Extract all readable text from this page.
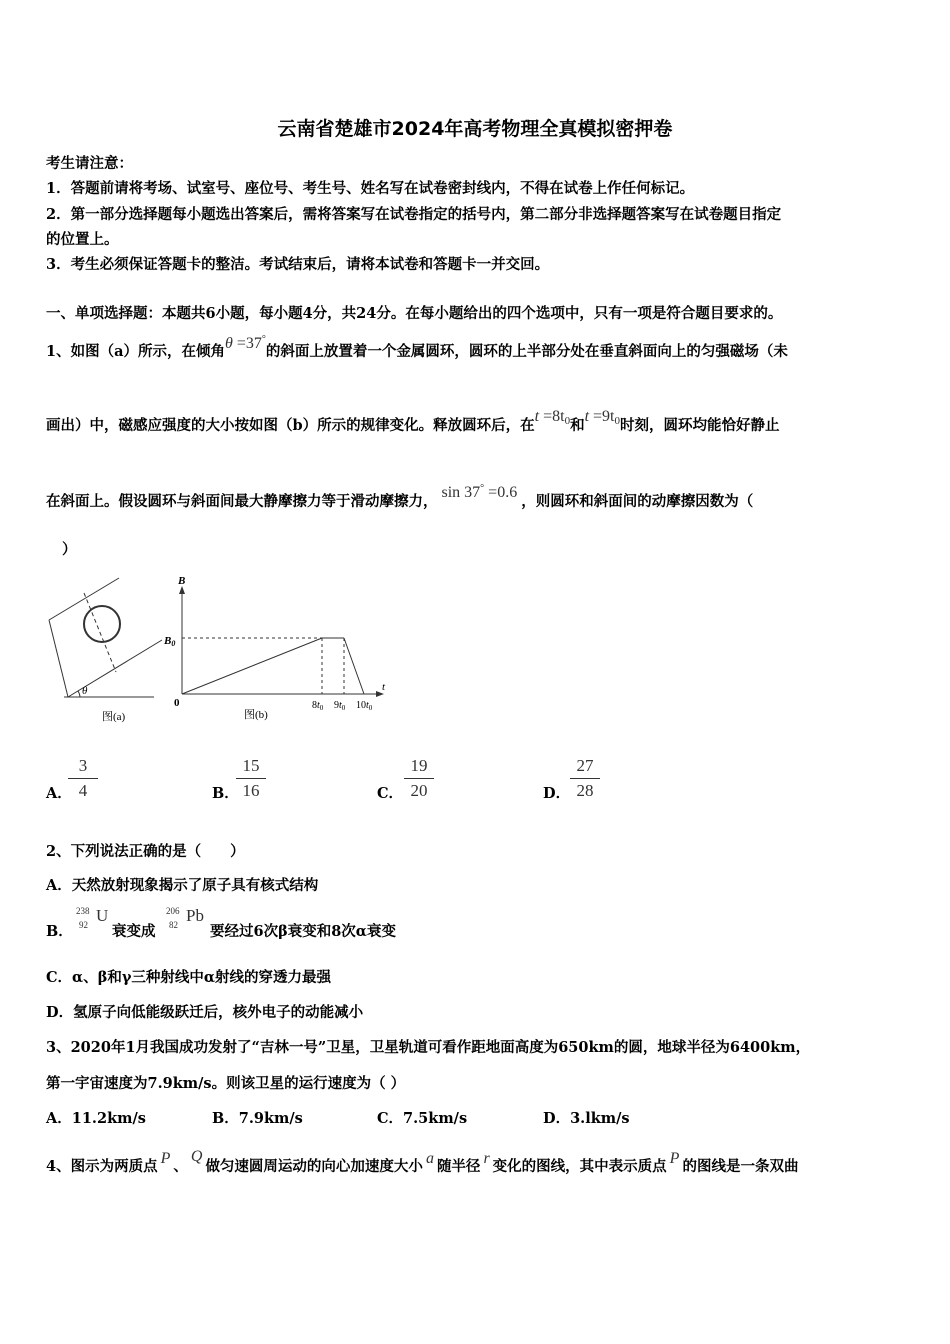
云南省楚雄市2024年高考物理全真模拟密押卷
考生请注意：
1．答题前请将考场、试室号、座位号、考生号、姓名写在试卷密封线内，不得在试卷上作任何标记。
2．第一部分选择题每小题选出答案后，需将答案写在试卷指定的括号内，第二部分非选择题答案写在试卷题目指定
的位置上。
3．考生必须保证答题卡的整洁。考试结束后，请将本试卷和答题卡一并交回。
一、单项选择题：本题共6小题，每小题4分，共24分。在每小题给出的四个选项中，只有一项是符合题目要求的。
1、如图（a）所示，在倾角θ =37°的斜面上放置着一个金属圆环，圆环的上半部分处在垂直斜面向上的匀强磁场（未
画出）中，磁感应强度的大小按如图（b）所示的规律变化。释放圆环后，在$t =8t_0$和$t =9t_0$时刻，圆环均能恰好静止
在斜面上。假设圆环与斜面间最大静摩擦力等于滑动摩擦力，sin 37° =0.6，则圆环和斜面间的动摩擦因数为（
）
θ
图(a)
B
B0
0
t
$8t_0$ $9t_0$ $10t_0$
图(b)
A．
3
4	B．
15
16	C．
19
20	D．
27
28
2、下列说法正确的是（　　）
A．天然放射现象揭示了原子具有核式结构
B．
238
92 U
衰变成
206
82 Pb
要经过6次β衰变和8次α衰变
C．α、β和γ三种射线中α射线的穿透力最强
D．氢原子向低能级跃迁后，核外电子的动能减小
3、2020年1月我国成功发射了“吉林一号”卫星，卫星轨道可看作距地面高度为650km的圆，地球半径为6400km，
第一宇宙速度为7.9km/s。则该卫星的运行速度为（ ）
A．11.2km/s	B．7.9km/s	C．7.5km/s	D．3.lkm/s
4、图示为两质点 P 、Q做匀速圆周运动的向心加速度大小 a 随半径 r 变化的图线，其中表示质点 P 的图线是一条双曲
